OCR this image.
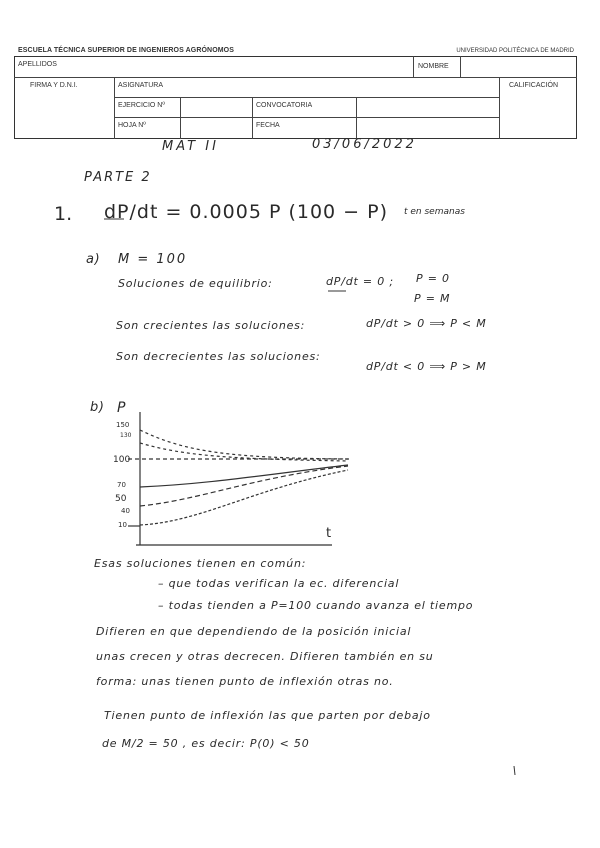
ESCUELA TÉCNICA SUPERIOR DE INGENIEROS AGRÓNOMOS	UNIVERSIDAD POLITÉCNICA DE MADRID
APELLIDOS	NOMBRE
FIRMA Y D.N.I.	ASIGNATURA	CALIFICACIÓN
EJERCICIO Nº	CONVOCATORIA
HOJA Nº	FECHA
MAT II	03/06/2022
PARTE 2
1. dP/dt = 0.0005 P (100 − P) t en semanas
a) M = 100
Soluciones de equilibrio:	dP/dt = 0 ; P = 0
P = M
Son crecientes las soluciones:	dP/dt > 0 ⟹ P < M
Son decrecientes las soluciones:
dP/dt < 0 ⟹ P > M
b) P
t
150
130
100
70
50
40
10
Esas soluciones tienen en común:
– que todas verifican la ec. diferencial
– todas tienden a P=100 cuando avanza el tiempo
Difieren en que dependiendo de la posición inicial
unas crecen y otras decrecen. Difieren también en su
forma: unas tienen punto de inflexión otras no.
Tienen punto de inflexión las que parten por debajo
de M/2 = 50 , es decir: P(0) < 50
